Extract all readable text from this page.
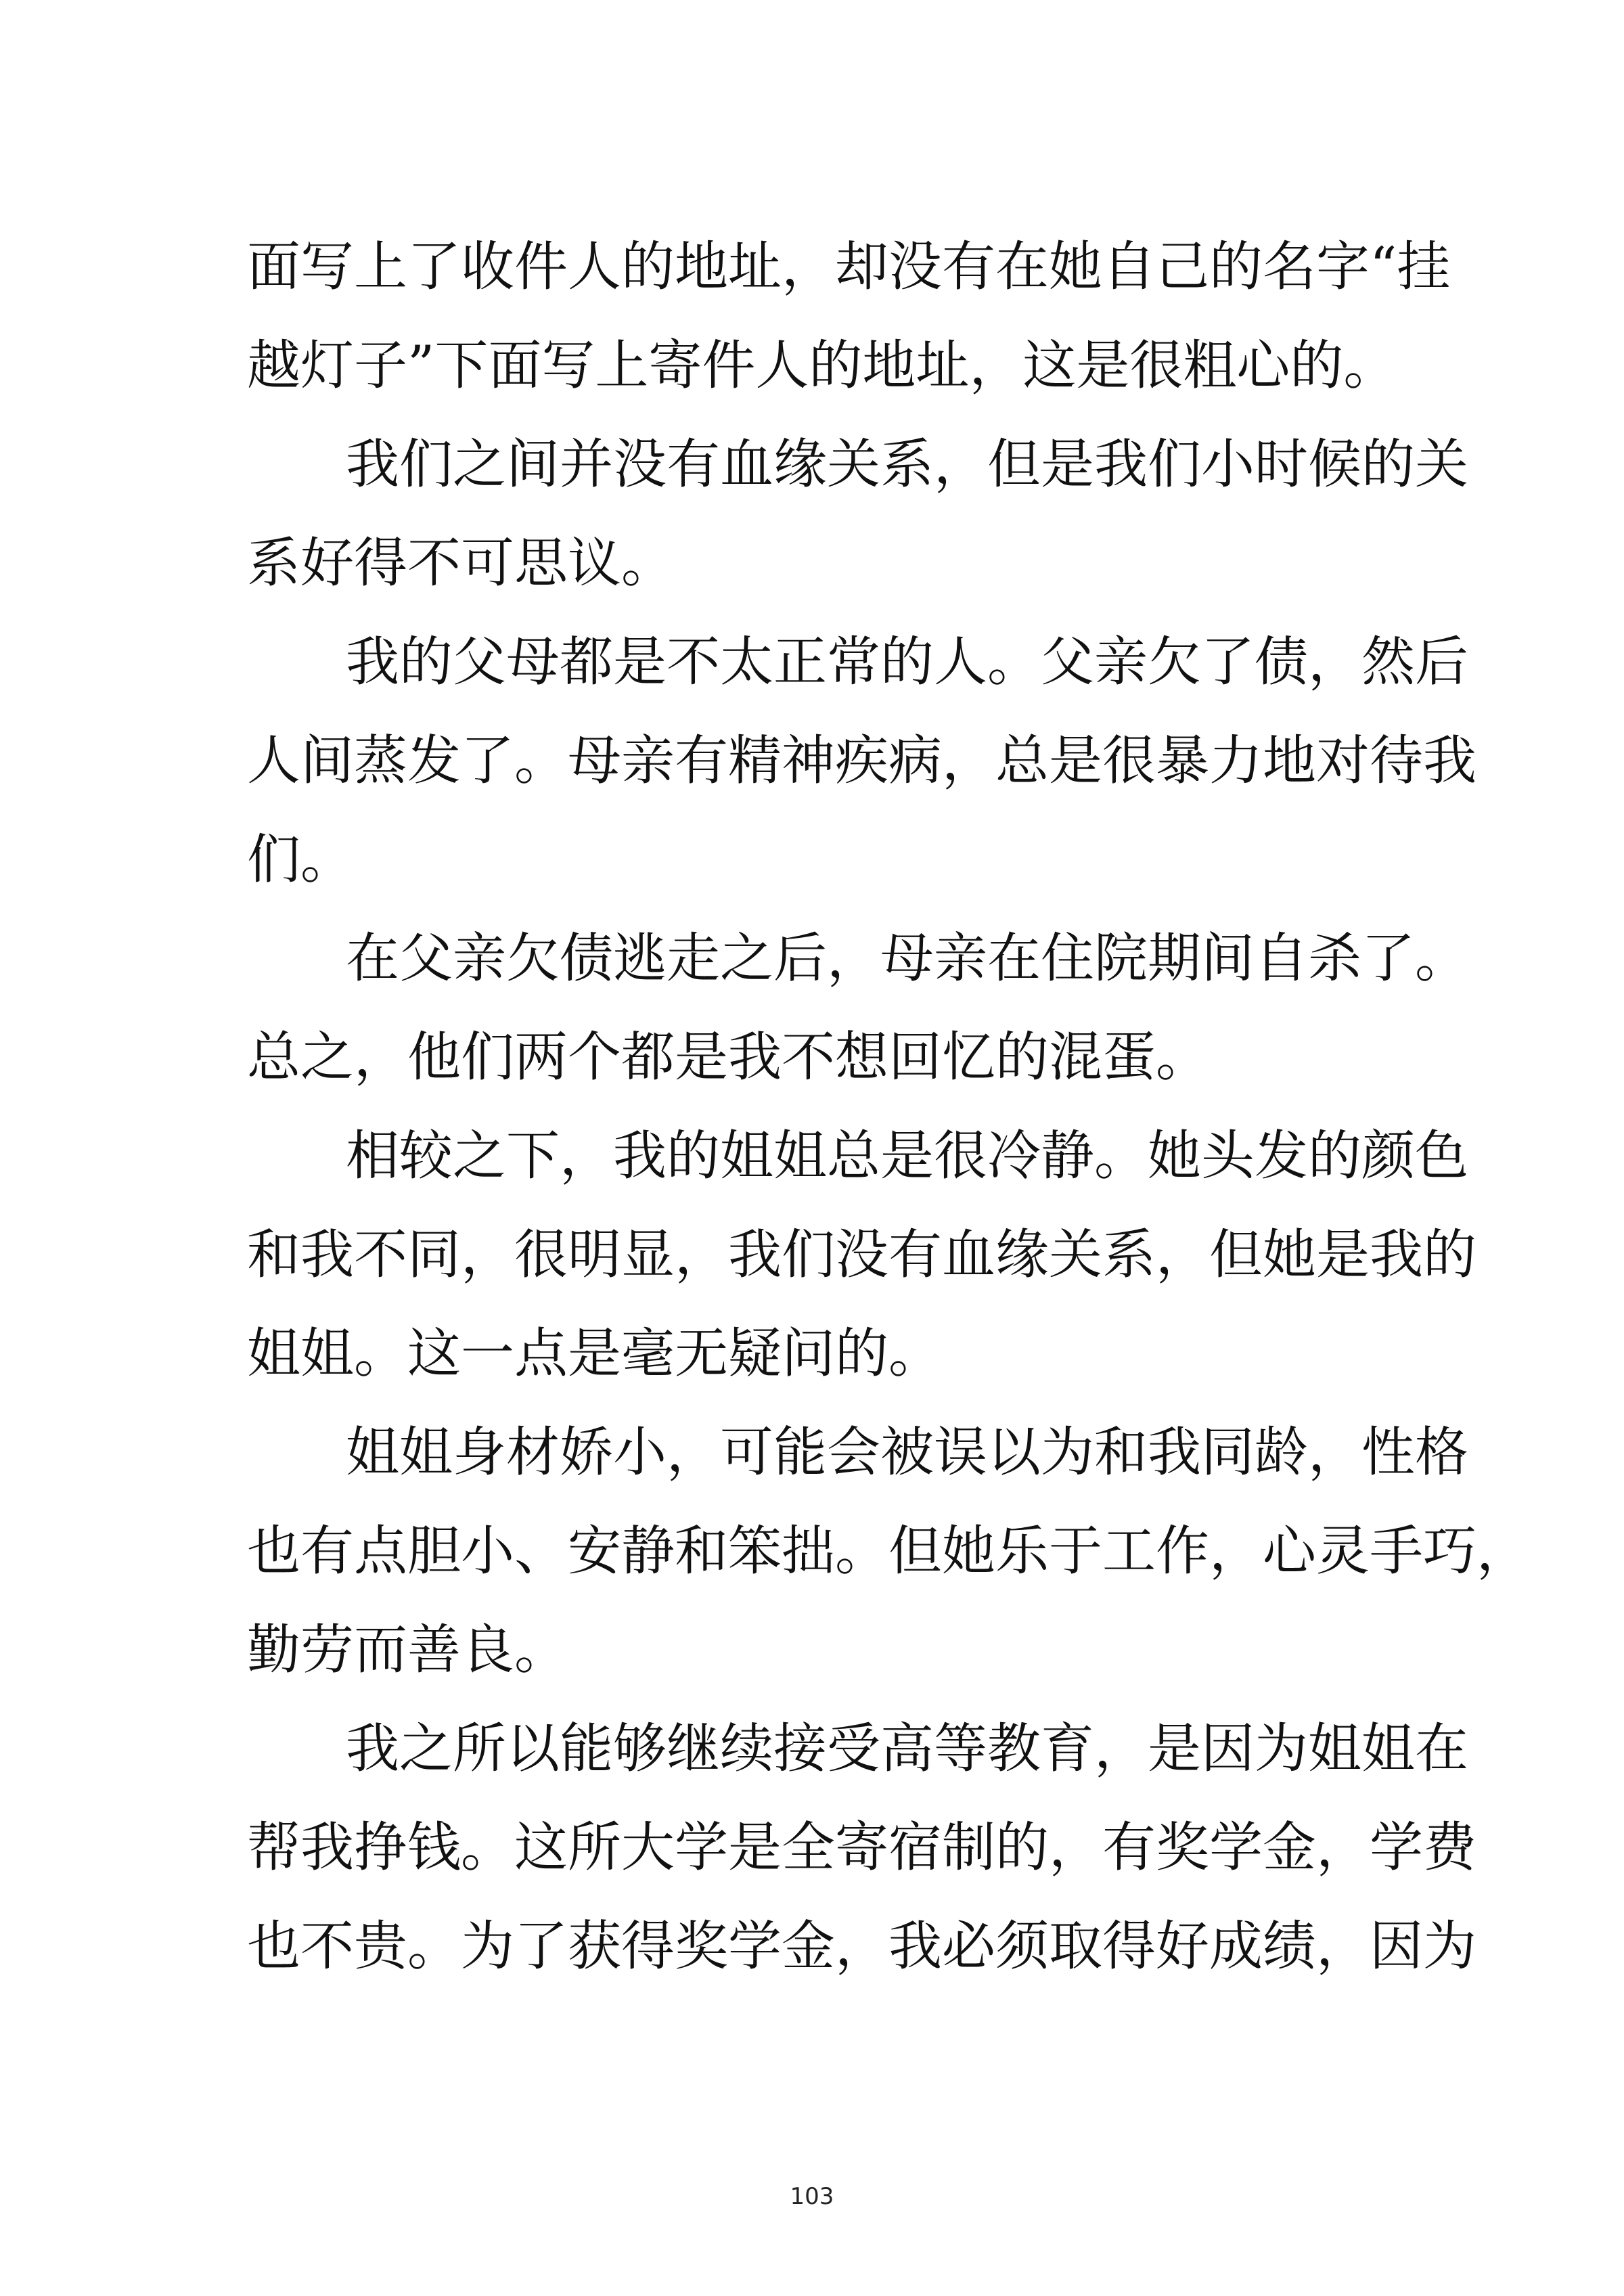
面写上了收件人的地址，却没有在她自己的名字“挂
越灯子”下面写上寄件人的地址，这是很粗心的。
我们之间并没有血缘关系，但是我们小时候的关
系好得不可思议。
我的父母都是不太正常的人。父亲欠了债，然后
人间蒸发了。母亲有精神疾病，总是很暴力地对待我
们。
在父亲欠债逃走之后，母亲在住院期间自杀了。
总之，他们两个都是我不想回忆的混蛋。
相较之下，我的姐姐总是很冷静。她头发的颜色
和我不同，很明显，我们没有血缘关系，但她是我的
姐姐。这一点是毫无疑问的。
姐姐身材娇小，可能会被误以为和我同龄，性格
也有点胆小、安静和笨拙。但她乐于工作，心灵手巧，
勤劳而善良。
我之所以能够继续接受高等教育，是因为姐姐在
帮我挣钱。这所大学是全寄宿制的，有奖学金，学费
也不贵。为了获得奖学金，我必须取得好成绩，因为
103
